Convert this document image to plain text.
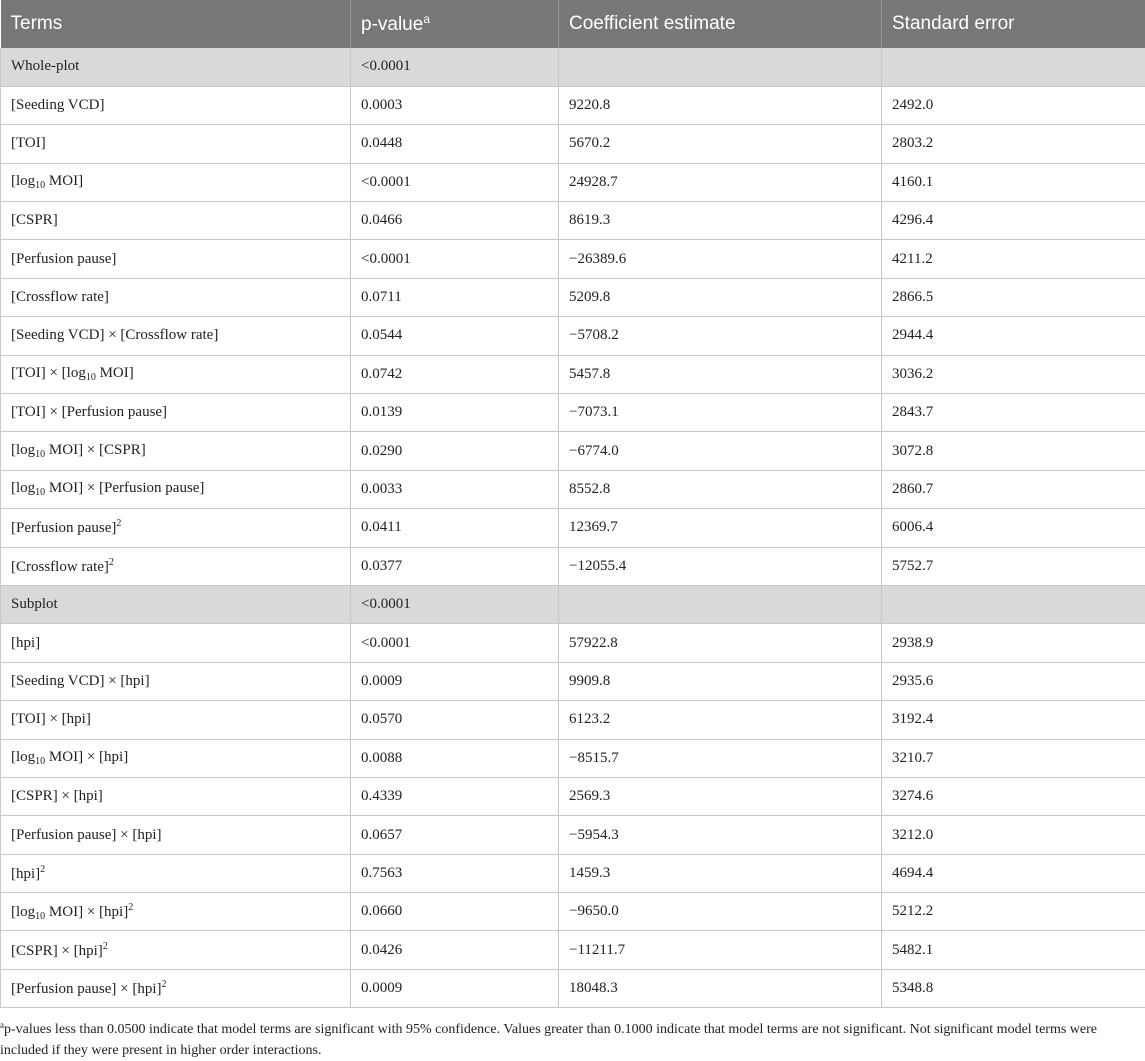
Terms	p-value$^a$	Coefficient estimate	Standard error
Whole-plot	<0.0001		
[Seeding VCD]	0.0003	9220.8	2492.0
[TOI]	0.0448	5670.2	2803.2
[$\log_{10}$ MOI]	<0.0001	24928.7	4160.1
[CSPR]	0.0466	8619.3	4296.4
[Perfusion pause]	<0.0001	−26389.6	4211.2
[Crossflow rate]	0.0711	5209.8	2866.5
[Seeding VCD] × [Crossflow rate]	0.0544	−5708.2	2944.4
$[TOI] \times [\log_{10}$ MOI]	0.0742	5457.8	3036.2
[TOI] × [Perfusion pause]	0.0139	−7073.1	2843.7
[$\log_{10}$ MOI] × [CSPR]	0.0290	−6774.0	3072.8
[$\log_{10}$ MOI] × [Perfusion pause]	0.0033	8552.8	2860.7
[Perfusion pause]$^2$	0.0411	12369.7	6006.4
[Crossflow rate]$^2$	0.0377	−12055.4	5752.7
Subplot	<0.0001		
[hpi]	<0.0001	57922.8	2938.9
[Seeding VCD] × [hpi]	0.0009	9909.8	2935.6
[TOI] × [hpi]	0.0570	6123.2	3192.4
[$\log_{10}$ MOI] × [hpi]	0.0088	−8515.7	3210.7
[CSPR] × [hpi]	0.4339	2569.3	3274.6
[Perfusion pause] × [hpi]	0.0657	−5954.3	3212.0
[hpi]$^2$	0.7563	1459.3	4694.4
[$\log_{10}$ MOI] × [hpi]$^2$	0.0660	−9650.0	5212.2
[CSPR] × [hpi]$^2$	0.0426	−11211.7	5482.1
[Perfusion pause] × [hpi]$^2$	0.0009	18048.3	5348.8
$^a$p-values less than 0.0500 indicate that model terms are significant with 95% confidence. Values greater than 0.1000 indicate that model terms are not significant. Not significant model terms were included if they were present in higher order interactions.
